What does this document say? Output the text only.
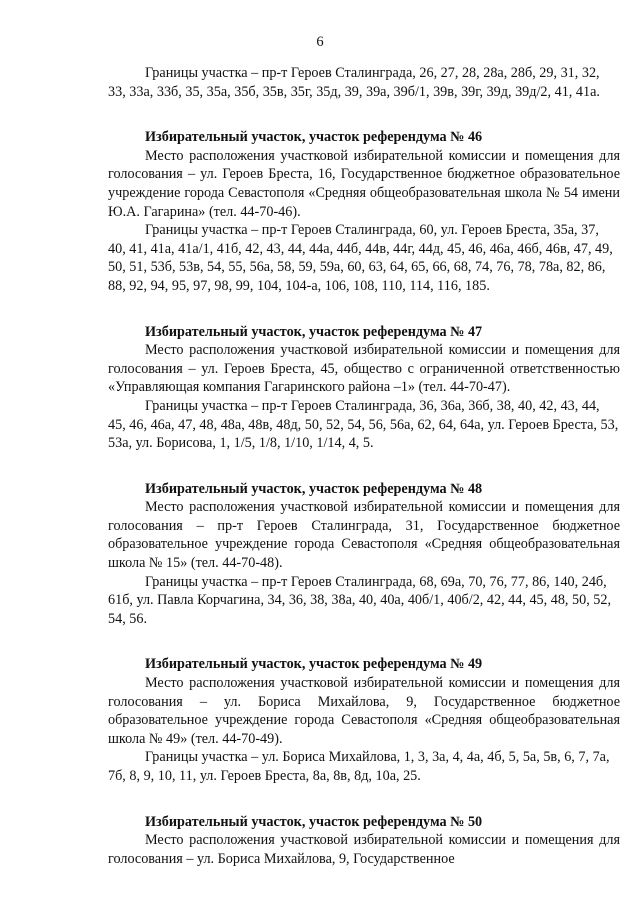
6

Границы участка – пр-т Героев Сталинграда, 26, 27, 28, 28а, 28б, 29, 31, 32, 33, 33а, 33б, 35, 35а, 35б, 35в, 35г, 35д, 39, 39а, 39б/1, 39в, 39г, 39д, 39д/2, 41, 41а.

Избирательный участок, участок референдума № 46

Место расположения участковой избирательной комиссии и помещения для голосования – ул. Героев Бреста, 16, Государственное бюджетное образовательное учреждение города Севастополя «Средняя общеобразовательная школа № 54 имени Ю.А. Гагарина» (тел. 44-70-46).

Границы участка – пр-т Героев Сталинграда, 60, ул. Героев Бреста, 35а, 37, 40, 41, 41а, 41а/1, 41б, 42, 43, 44, 44а, 44б, 44в, 44г, 44д, 45, 46, 46а, 46б, 46в, 47, 49, 50, 51, 53б, 53в, 54, 55, 56а, 58, 59, 59а, 60, 63, 64, 65, 66, 68, 74, 76, 78, 78а, 82, 86, 88, 92, 94, 95, 97, 98, 99, 104, 104-а, 106, 108, 110, 114, 116, 185.

Избирательный участок, участок референдума № 47

Место расположения участковой избирательной комиссии и помещения для голосования – ул. Героев Бреста, 45, общество с ограниченной ответственностью «Управляющая компания Гагаринского района –1» (тел. 44-70-47).

Границы участка – пр-т Героев Сталинграда, 36, 36а, 36б, 38, 40, 42, 43, 44, 45, 46, 46а, 47, 48, 48а, 48в, 48д, 50, 52, 54, 56, 56а, 62, 64, 64а, ул. Героев Бреста, 53, 53а, ул. Борисова, 1, 1/5, 1/8, 1/10, 1/14, 4, 5.

Избирательный участок, участок референдума № 48

Место расположения участковой избирательной комиссии и помещения для голосования – пр-т Героев Сталинграда, 31, Государственное бюджетное образовательное учреждение города Севастополя «Средняя общеобразовательная школа № 15» (тел. 44-70-48).

Границы участка – пр-т Героев Сталинграда, 68, 69а, 70, 76, 77, 86, 140, 24б, 61б, ул. Павла Корчагина, 34, 36, 38, 38а, 40, 40а, 40б/1, 40б/2, 42, 44, 45, 48, 50, 52, 54, 56.

Избирательный участок, участок референдума № 49

Место расположения участковой избирательной комиссии и помещения для голосования – ул. Бориса Михайлова, 9, Государственное бюджетное образовательное учреждение города Севастополя «Средняя общеобразовательная школа № 49» (тел. 44-70-49).

Границы участка – ул. Бориса Михайлова, 1, 3, 3а, 4, 4а, 4б, 5, 5а, 5в, 6, 7, 7а, 7б, 8, 9, 10, 11, ул. Героев Бреста, 8а, 8в, 8д, 10а, 25.

Избирательный участок, участок референдума № 50

Место расположения участковой избирательной комиссии и помещения для голосования – ул. Бориса Михайлова, 9, Государственное
